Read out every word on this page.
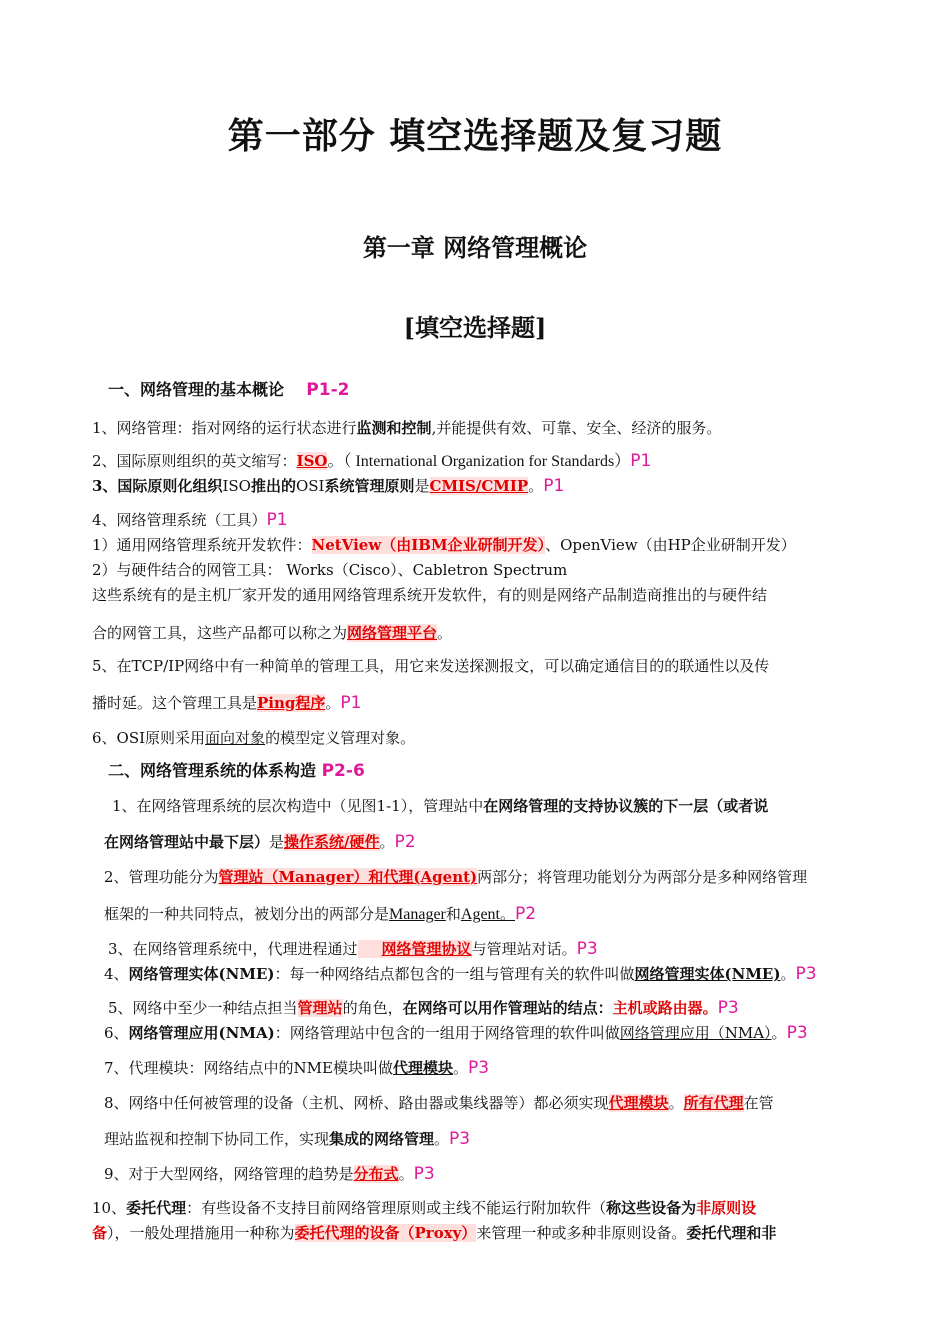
第一部分 填空选择题及复习题
第一章 网络管理概论
[填空选择题]
一、网络管理的基本概论 P1-2
1、网络管理：指对网络的运行状态进行监测和控制,并能提供有效、可靠、安全、经济的服务。
2、国际原则组织的英文缩写：ISO。（ International Organization for Standards）P1
3、国际原则化组织ISO推出的OSI系统管理原则是CMIS/CMIP。P1
4、网络管理系统（工具）P1
1）通用网络管理系统开发软件：NetView（由IBM企业研制开发）、OpenView（由HP企业研制开发）
2）与硬件结合的网管工具： Works（Cisco）、Cabletron Spectrum
这些系统有的是主机厂家开发的通用网络管理系统开发软件，有的则是网络产品制造商推出的与硬件结
合的网管工具，这些产品都可以称之为网络管理平台。
5、在TCP/IP网络中有一种简单的管理工具，用它来发送探测报文，可以确定通信目的的联通性以及传
播时延。这个管理工具是Ping程序。P1
6、OSI原则采用面向对象的模型定义管理对象。
二、网络管理系统的体系构造 P2-6
1、在网络管理系统的层次构造中（见图1-1），管理站中在网络管理的支持协议簇的下一层（或者说
在网络管理站中最下层）是操作系统/硬件。P2
2、管理功能分为管理站（Manager）和代理(Agent)两部分；将管理功能划分为两部分是多种网络管理
框架的一种共同特点，被划分出的两部分是Manager和Agent。P2
3、在网络管理系统中，代理进程通过 网络管理协议与管理站对话。P3
4、网络管理实体(NME)：每一种网络结点都包含的一组与管理有关的软件叫做网络管理实体(NME)。P3
5、网络中至少一种结点担当管理站的角色，在网络可以用作管理站的结点：主机或路由器。P3
6、网络管理应用(NMA)：网络管理站中包含的一组用于网络管理的软件叫做网络管理应用（NMA）。P3
7、代理模块：网络结点中的NME模块叫做代理模块。P3
8、网络中任何被管理的设备（主机、网桥、路由器或集线器等）都必须实现代理模块。所有代理在管
理站监视和控制下协同工作，实现集成的网络管理。P3
9、对于大型网络，网络管理的趋势是分布式。P3
10、委托代理：有些设备不支持目前网络管理原则或主线不能运行附加软件（称这些设备为非原则设
备），一般处理措施用一种称为委托代理的设备（Proxy）来管理一种或多种非原则设备。委托代理和非
